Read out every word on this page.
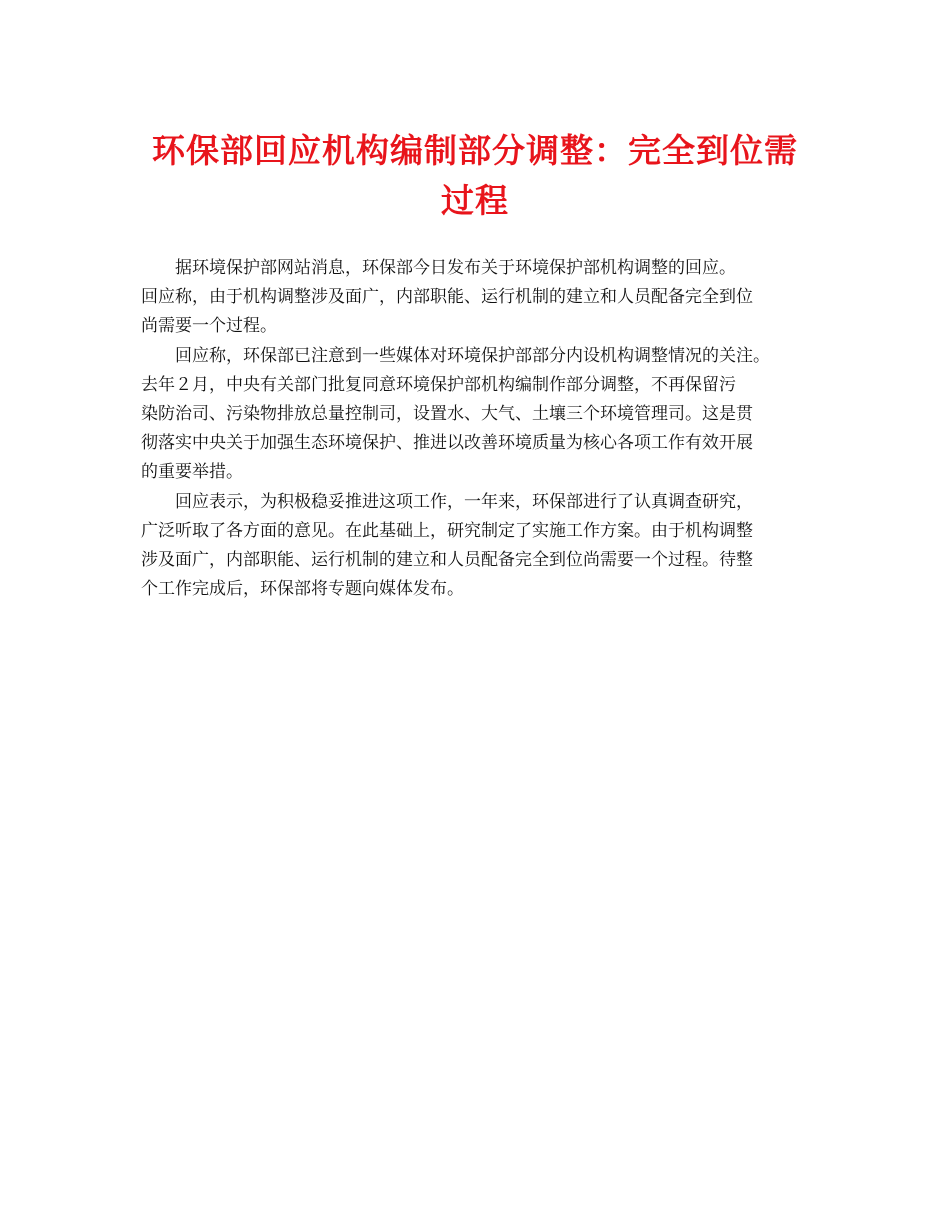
环保部回应机构编制部分调整：完全到位需
过程
　　据环境保护部网站消息，环保部今日发布关于环境保护部机构调整的回应。
回应称，由于机构调整涉及面广，内部职能、运行机制的建立和人员配备完全到位
尚需要一个过程。
　　回应称，环保部已注意到一些媒体对环境保护部部分内设机构调整情况的关注。
去年２月，中央有关部门批复同意环境保护部机构编制作部分调整，不再保留污
染防治司、污染物排放总量控制司，设置水、大气、土壤三个环境管理司。这是贯
彻落实中央关于加强生态环境保护、推进以改善环境质量为核心各项工作有效开展
的重要举措。
　　回应表示，为积极稳妥推进这项工作，一年来，环保部进行了认真调查研究，
广泛听取了各方面的意见。在此基础上，研究制定了实施工作方案。由于机构调整
涉及面广，内部职能、运行机制的建立和人员配备完全到位尚需要一个过程。待整
个工作完成后，环保部将专题向媒体发布。
